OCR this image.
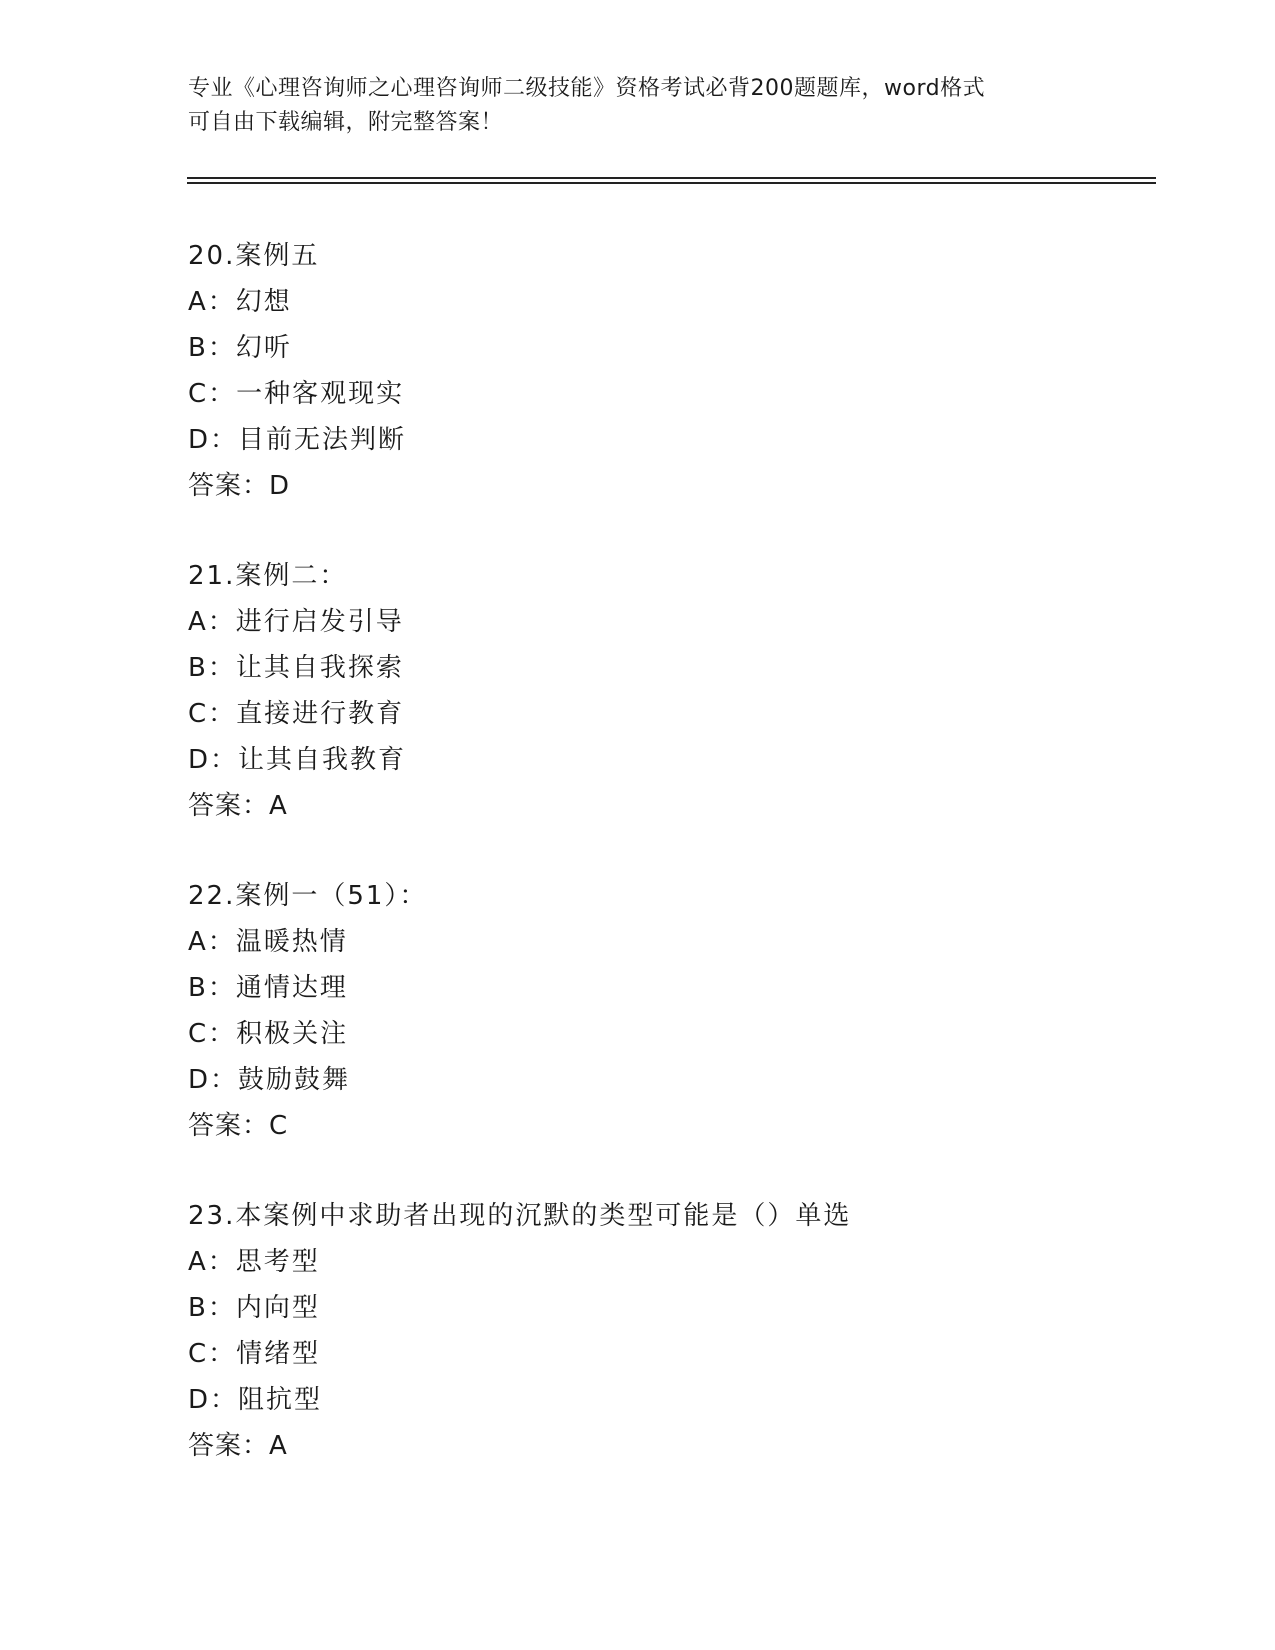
专业《心理咨询师之心理咨询师二级技能》资格考试必背200题题库，word格式
可自由下载编辑，附完整答案！
20.案例五
A：幻想
B：幻听
C：一种客观现实
D：目前无法判断
答案：D
21.案例二：
A：进行启发引导
B：让其自我探索
C：直接进行教育
D：让其自我教育
答案：A
22.案例一（51）：
A：温暖热情
B：通情达理
C：积极关注
D：鼓励鼓舞
答案：C
23.本案例中求助者出现的沉默的类型可能是（）单选
A：思考型
B：内向型
C：情绪型
D：阻抗型
答案：A
